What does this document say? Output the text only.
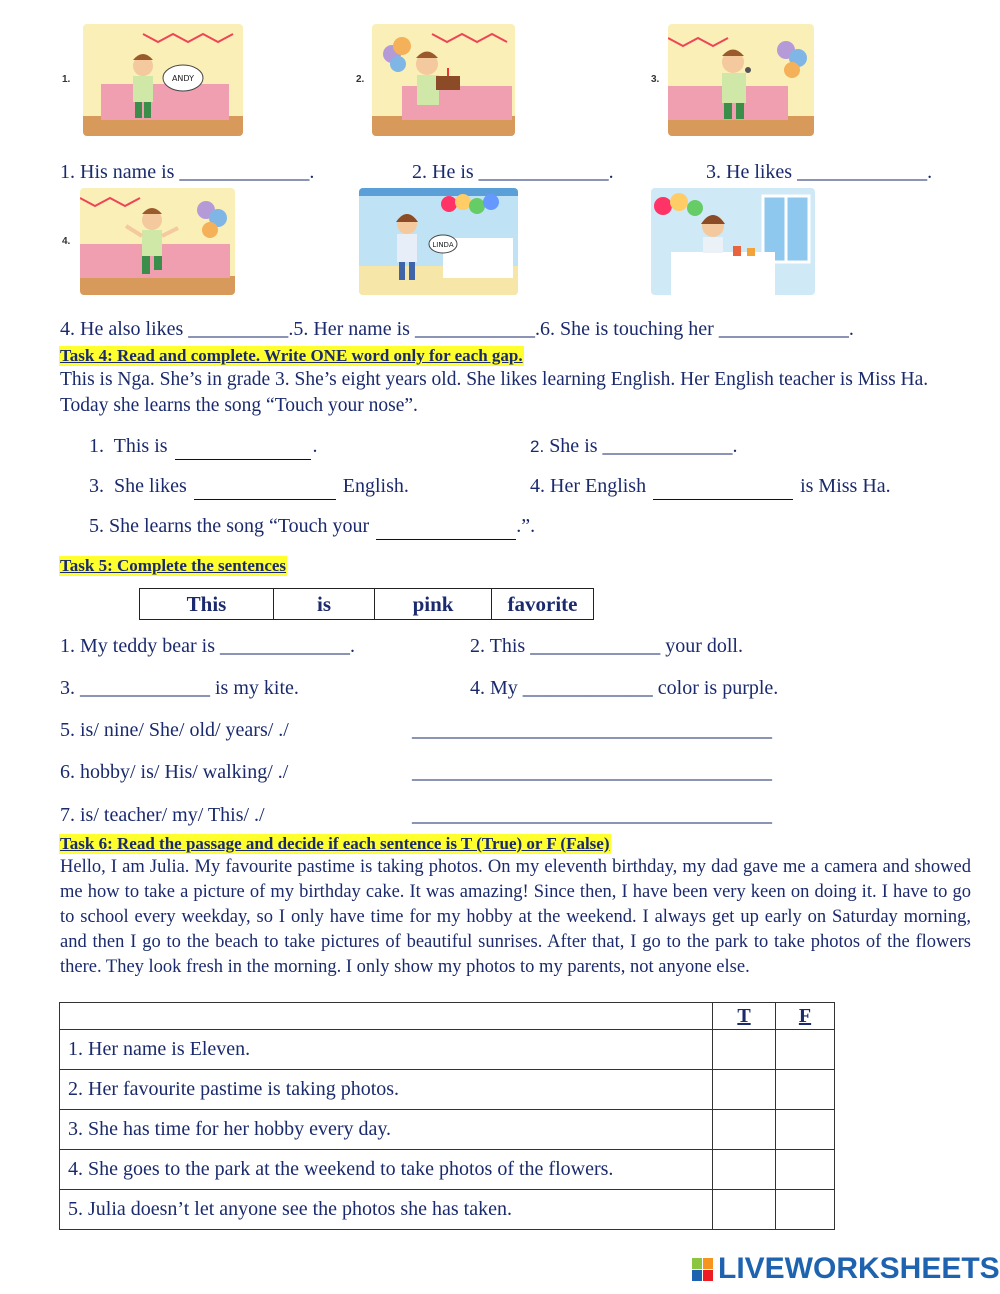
1.	ANDY	2.	3.
1. His name is _____________.	2. He is _____________.	3. He likes _____________.
4.	LINDA
4. He also likes __________.5. Her name is ____________.6. She is touching her _____________.
Task 4: Read and complete. Write ONE word only for each gap.
This is Nga. She’s in grade 3. She’s eight years old. She likes learning English. Her English teacher is Miss Ha. Today she learns the song “Touch your nose”.
1. This is	.	2. She is _____________.
3. She likes	English.	4. Her English	is Miss Ha.
5. She learns the song “Touch your	.”.
Task 5: Complete the sentences
This	is	pink	favorite
1. My teddy bear is _____________.	2. This _____________ your doll.
3. _____________ is my kite.	4. My _____________ color is purple.
5. is/ nine/ She/ old/ years/ ./	____________________________________
6. hobby/ is/ His/ walking/ ./	____________________________________
7. is/ teacher/ my/ This/ ./	____________________________________
Task 6: Read the passage and decide if each sentence is T (True) or F (False)
Hello, I am Julia. My favourite pastime is taking photos. On my eleventh birthday, my dad gave me a camera and showed me how to take a picture of my birthday cake. It was amazing! Since then, I have been very keen on doing it. I have to go to school every weekday, so I only have time for my hobby at the weekend. I always get up early on Saturday morning, and then I go to the beach to take pictures of beautiful sunrises. After that, I go to the park to take photos of the flowers there. They look fresh in the morning. I only show my photos to my parents, not anyone else.
	T	F
1. Her name is Eleven.		
2. Her favourite pastime is taking photos.		
3. She has time for her hobby every day.		
4. She goes to the park at the weekend to take photos of the flowers.		
5. Julia doesn’t let anyone see the photos she has taken.		
LIVEWORKSHEETS
